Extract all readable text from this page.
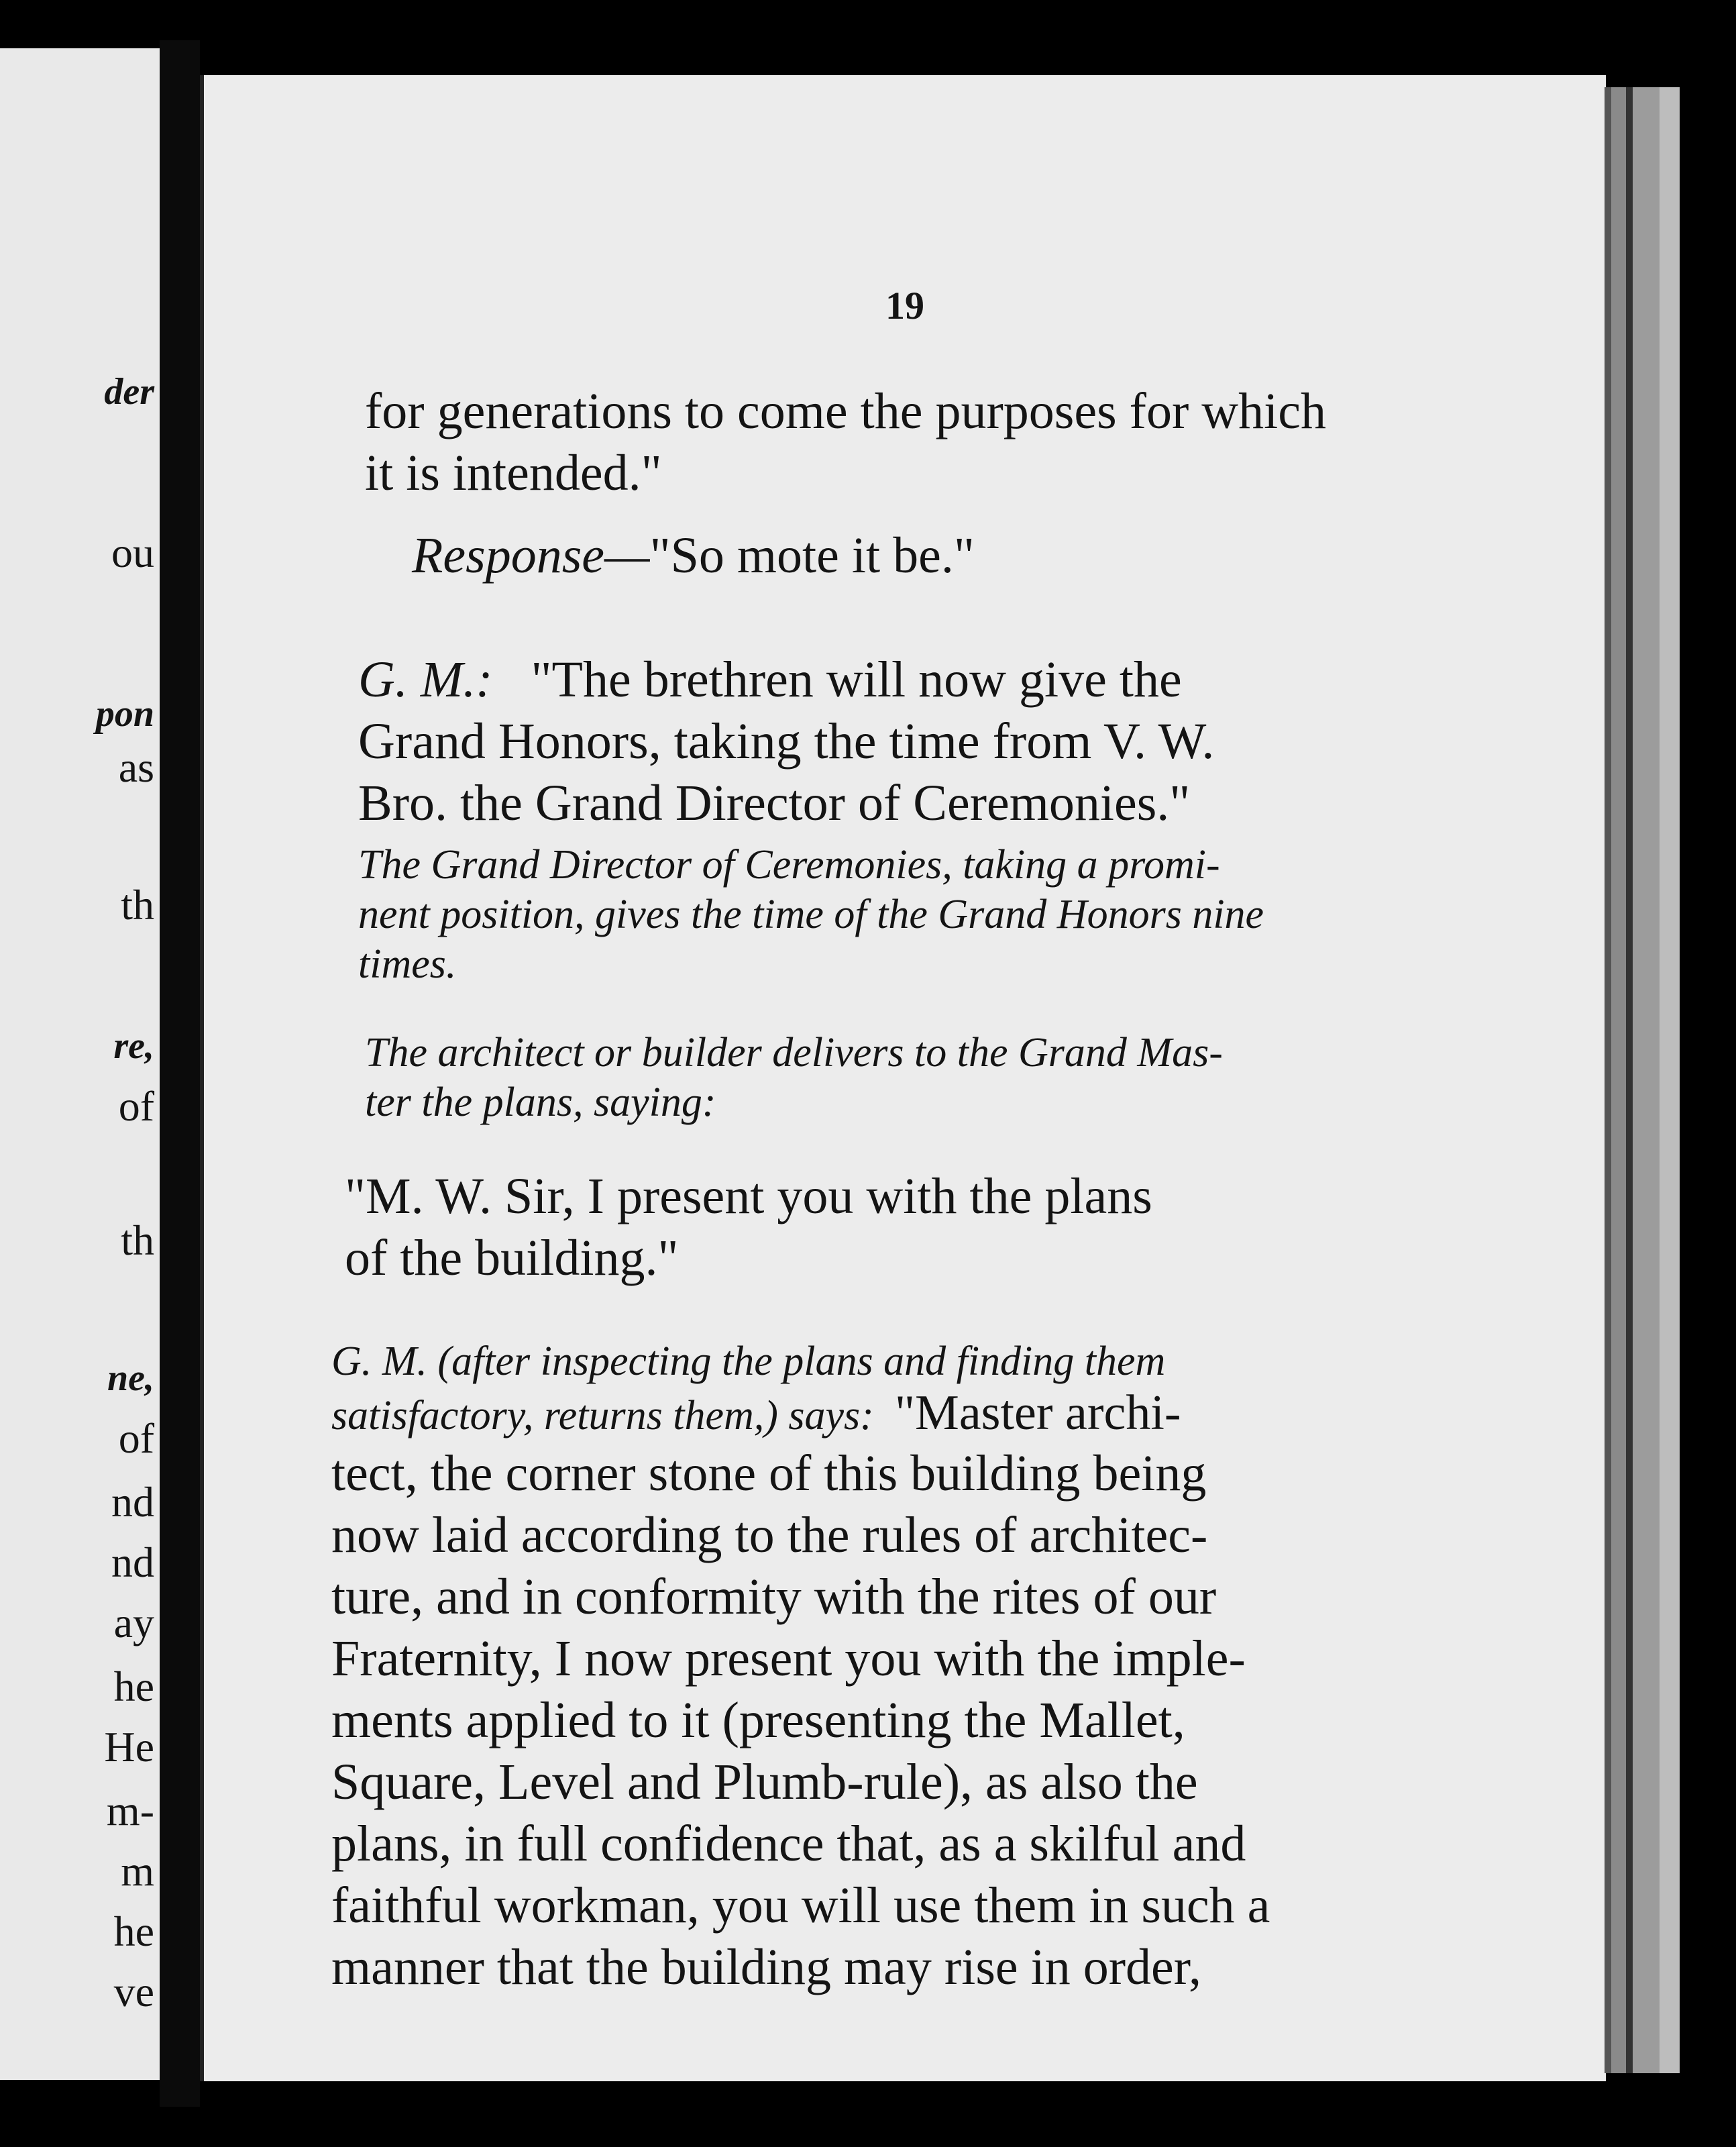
der
ou
pon
as
th
re,
of
th
ne,
of
nd
nd
ay
he
He
m-
m
he
ve
19
for generations to come the purposes for which
it is intended."
Response—"So mote it be."
G. M.: "The brethren will now give the
Grand Honors, taking the time from V. W.
Bro. the Grand Director of Ceremonies."
The Grand Director of Ceremonies, taking a promi-
nent position, gives the time of the Grand Honors nine
times.
The architect or builder delivers to the Grand Mas-
ter the plans, saying:
"M. W. Sir, I present you with the plans
of the building."
G. M. (after inspecting the plans and finding them
satisfactory, returns them,) says: "Master archi-
tect, the corner stone of this building being
now laid according to the rules of architec-
ture, and in conformity with the rites of our
Fraternity, I now present you with the imple-
ments applied to it (presenting the Mallet,
Square, Level and Plumb-rule), as also the
plans, in full confidence that, as a skilful and
faithful workman, you will use them in such a
manner that the building may rise in order,
